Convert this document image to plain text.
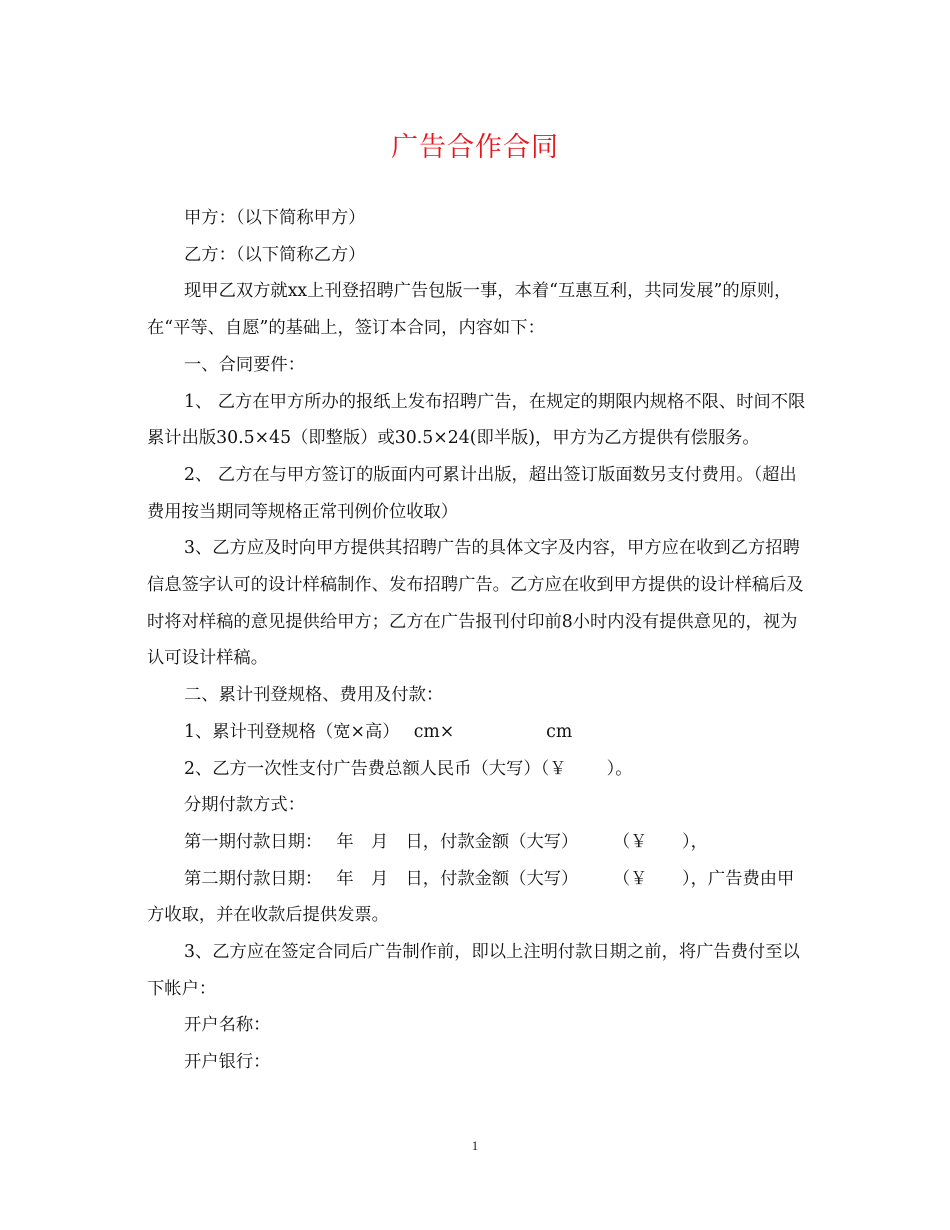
广告合作合同

甲方：（以下简称甲方）

乙方：（以下简称乙方）

现甲乙双方就xx上刊登招聘广告包版一事，本着“互惠互利，共同发展”的原则，在“平等、自愿”的基础上，签订本合同，内容如下：

一、合同要件：

1、 乙方在甲方所办的报纸上发布招聘广告，在规定的期限内规格不限、时间不限累计出版30.5×45（即整版）或30.5×24(即半版)，甲方为乙方提供有偿服务。

2、 乙方在与甲方签订的版面内可累计出版，超出签订版面数另支付费用。（超出费用按当期同等规格正常刊例价位收取）

3、乙方应及时向甲方提供其招聘广告的具体文字及内容，甲方应在收到乙方招聘信息签字认可的设计样稿制作、发布招聘广告。乙方应在收到甲方提供的设计样稿后及时将对样稿的意见提供给甲方；乙方在广告报刊付印前8小时内没有提供意见的，视为认可设计样稿。

二、累计刊登规格、费用及付款：

1、累计刊登规格（宽×高）　 cm×　　　　　 cm

2、乙方一次性支付广告费总额人民币（大写）（￥　　 ）。

分期付款方式：

第一期付款日期：　 年　月　日，付款金额（大写）　　　（￥　　），

第二期付款日期：　 年　月　日，付款金额（大写）　　　（￥　　），广告费由甲方收取，并在收款后提供发票。

3、乙方应在签定合同后广告制作前，即以上注明付款日期之前，将广告费付至以下帐户：

开户名称：

开户银行：

1
